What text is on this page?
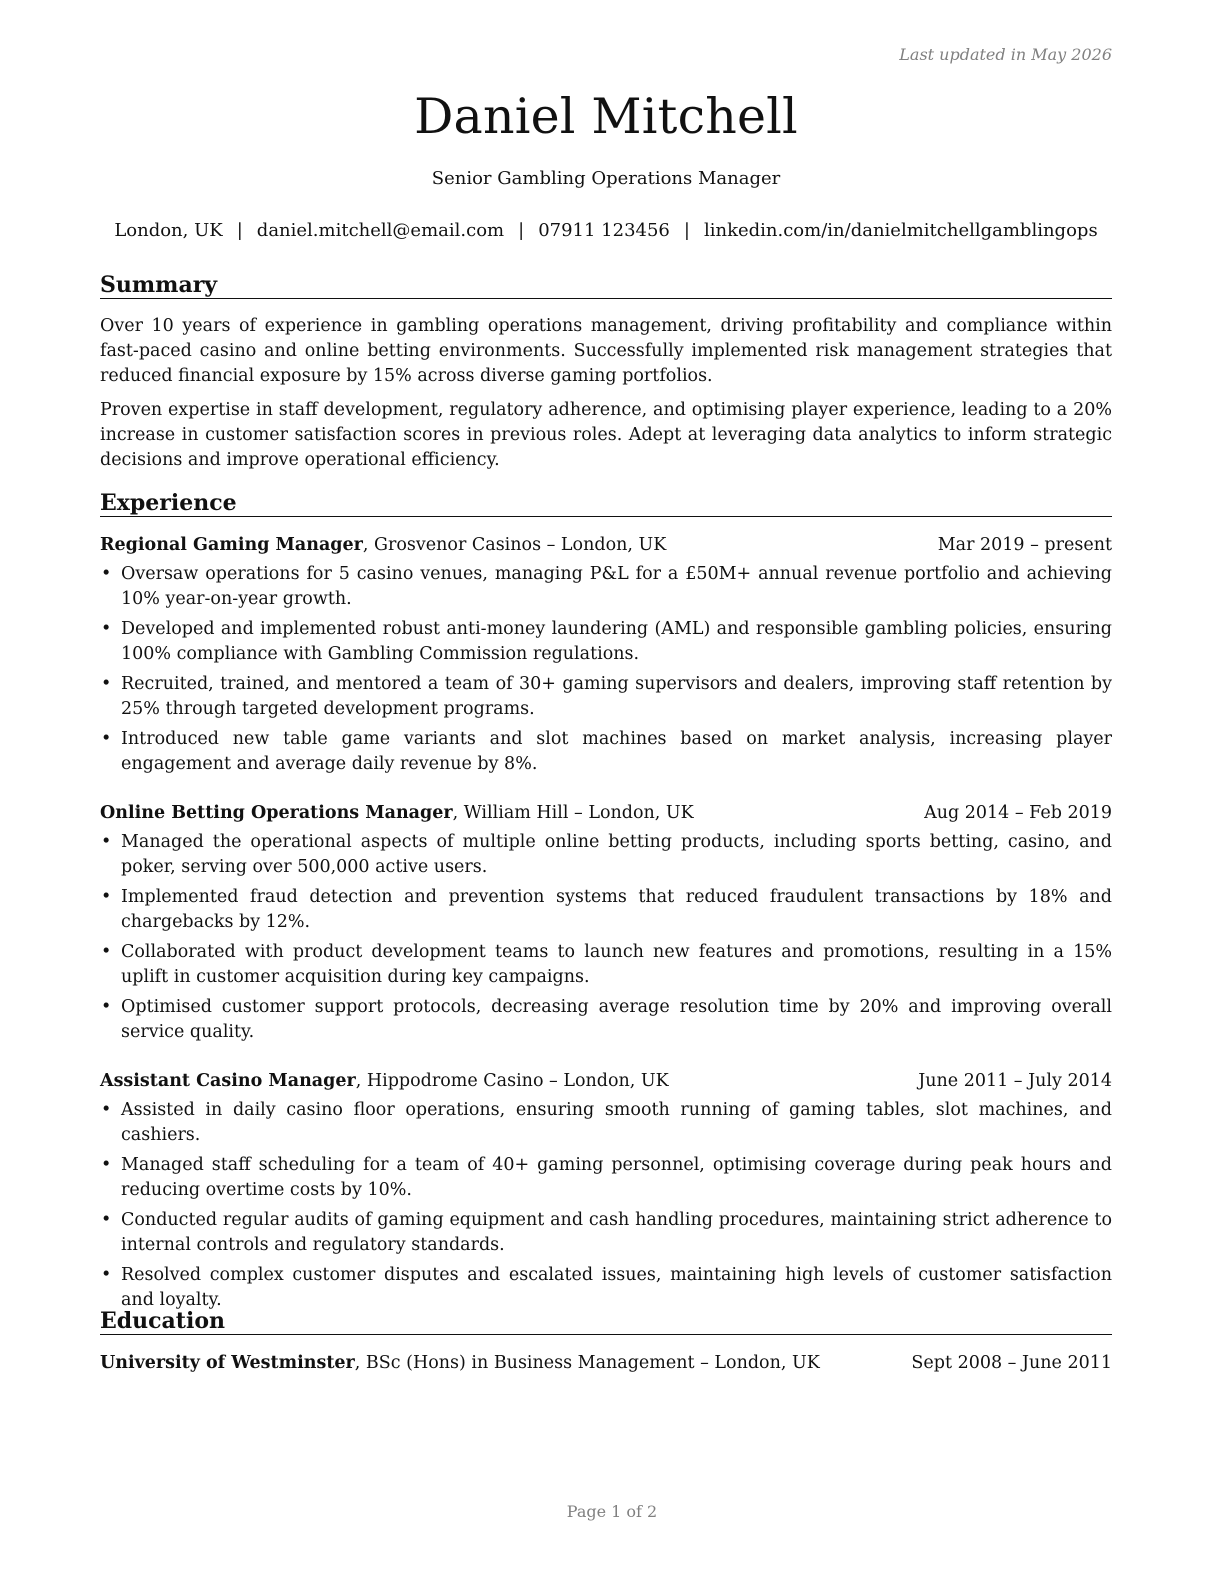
Last updated in May 2026
Daniel Mitchell
Senior Gambling Operations Manager
London, UK | daniel.mitchell@email.com | 07911 123456 | linkedin.com/in/danielmitchellgamblingops
Summary
Over 10 years of experience in gambling operations management, driving profitability and compliance within fast-paced casino and online betting environments. Successfully implemented risk management strategies that reduced financial exposure by 15% across diverse gaming portfolios.
Proven expertise in staff development, regulatory adherence, and optimising player experience, leading to a 20% increase in customer satisfaction scores in previous roles. Adept at leveraging data analytics to inform strategic decisions and improve operational efficiency.
Experience
Regional Gaming Manager, Grosvenor Casinos – London, UK	Mar 2019 – present
• Oversaw operations for 5 casino venues, managing P&L for a £50M+ annual revenue portfolio and achieving 10% year-on-year growth.
• Developed and implemented robust anti-money laundering (AML) and responsible gambling policies, ensuring 100% compliance with Gambling Commission regulations.
• Recruited, trained, and mentored a team of 30+ gaming supervisors and dealers, improving staff retention by 25% through targeted development programs.
• Introduced new table game variants and slot machines based on market analysis, increasing player engagement and average daily revenue by 8%.
Online Betting Operations Manager, William Hill – London, UK	Aug 2014 – Feb 2019
• Managed the operational aspects of multiple online betting products, including sports betting, casino, and poker, serving over 500,000 active users.
• Implemented fraud detection and prevention systems that reduced fraudulent transactions by 18% and chargebacks by 12%.
• Collaborated with product development teams to launch new features and promotions, resulting in a 15% uplift in customer acquisition during key campaigns.
• Optimised customer support protocols, decreasing average resolution time by 20% and improving overall service quality.
Assistant Casino Manager, Hippodrome Casino – London, UK	June 2011 – July 2014
• Assisted in daily casino floor operations, ensuring smooth running of gaming tables, slot machines, and cashiers.
• Managed staff scheduling for a team of 40+ gaming personnel, optimising coverage during peak hours and reducing overtime costs by 10%.
• Conducted regular audits of gaming equipment and cash handling procedures, maintaining strict adherence to internal controls and regulatory standards.
• Resolved complex customer disputes and escalated issues, maintaining high levels of customer satisfaction and loyalty.
Education
University of Westminster, BSc (Hons) in Business Management – London, UK	Sept 2008 – June 2011
Page 1 of 2
